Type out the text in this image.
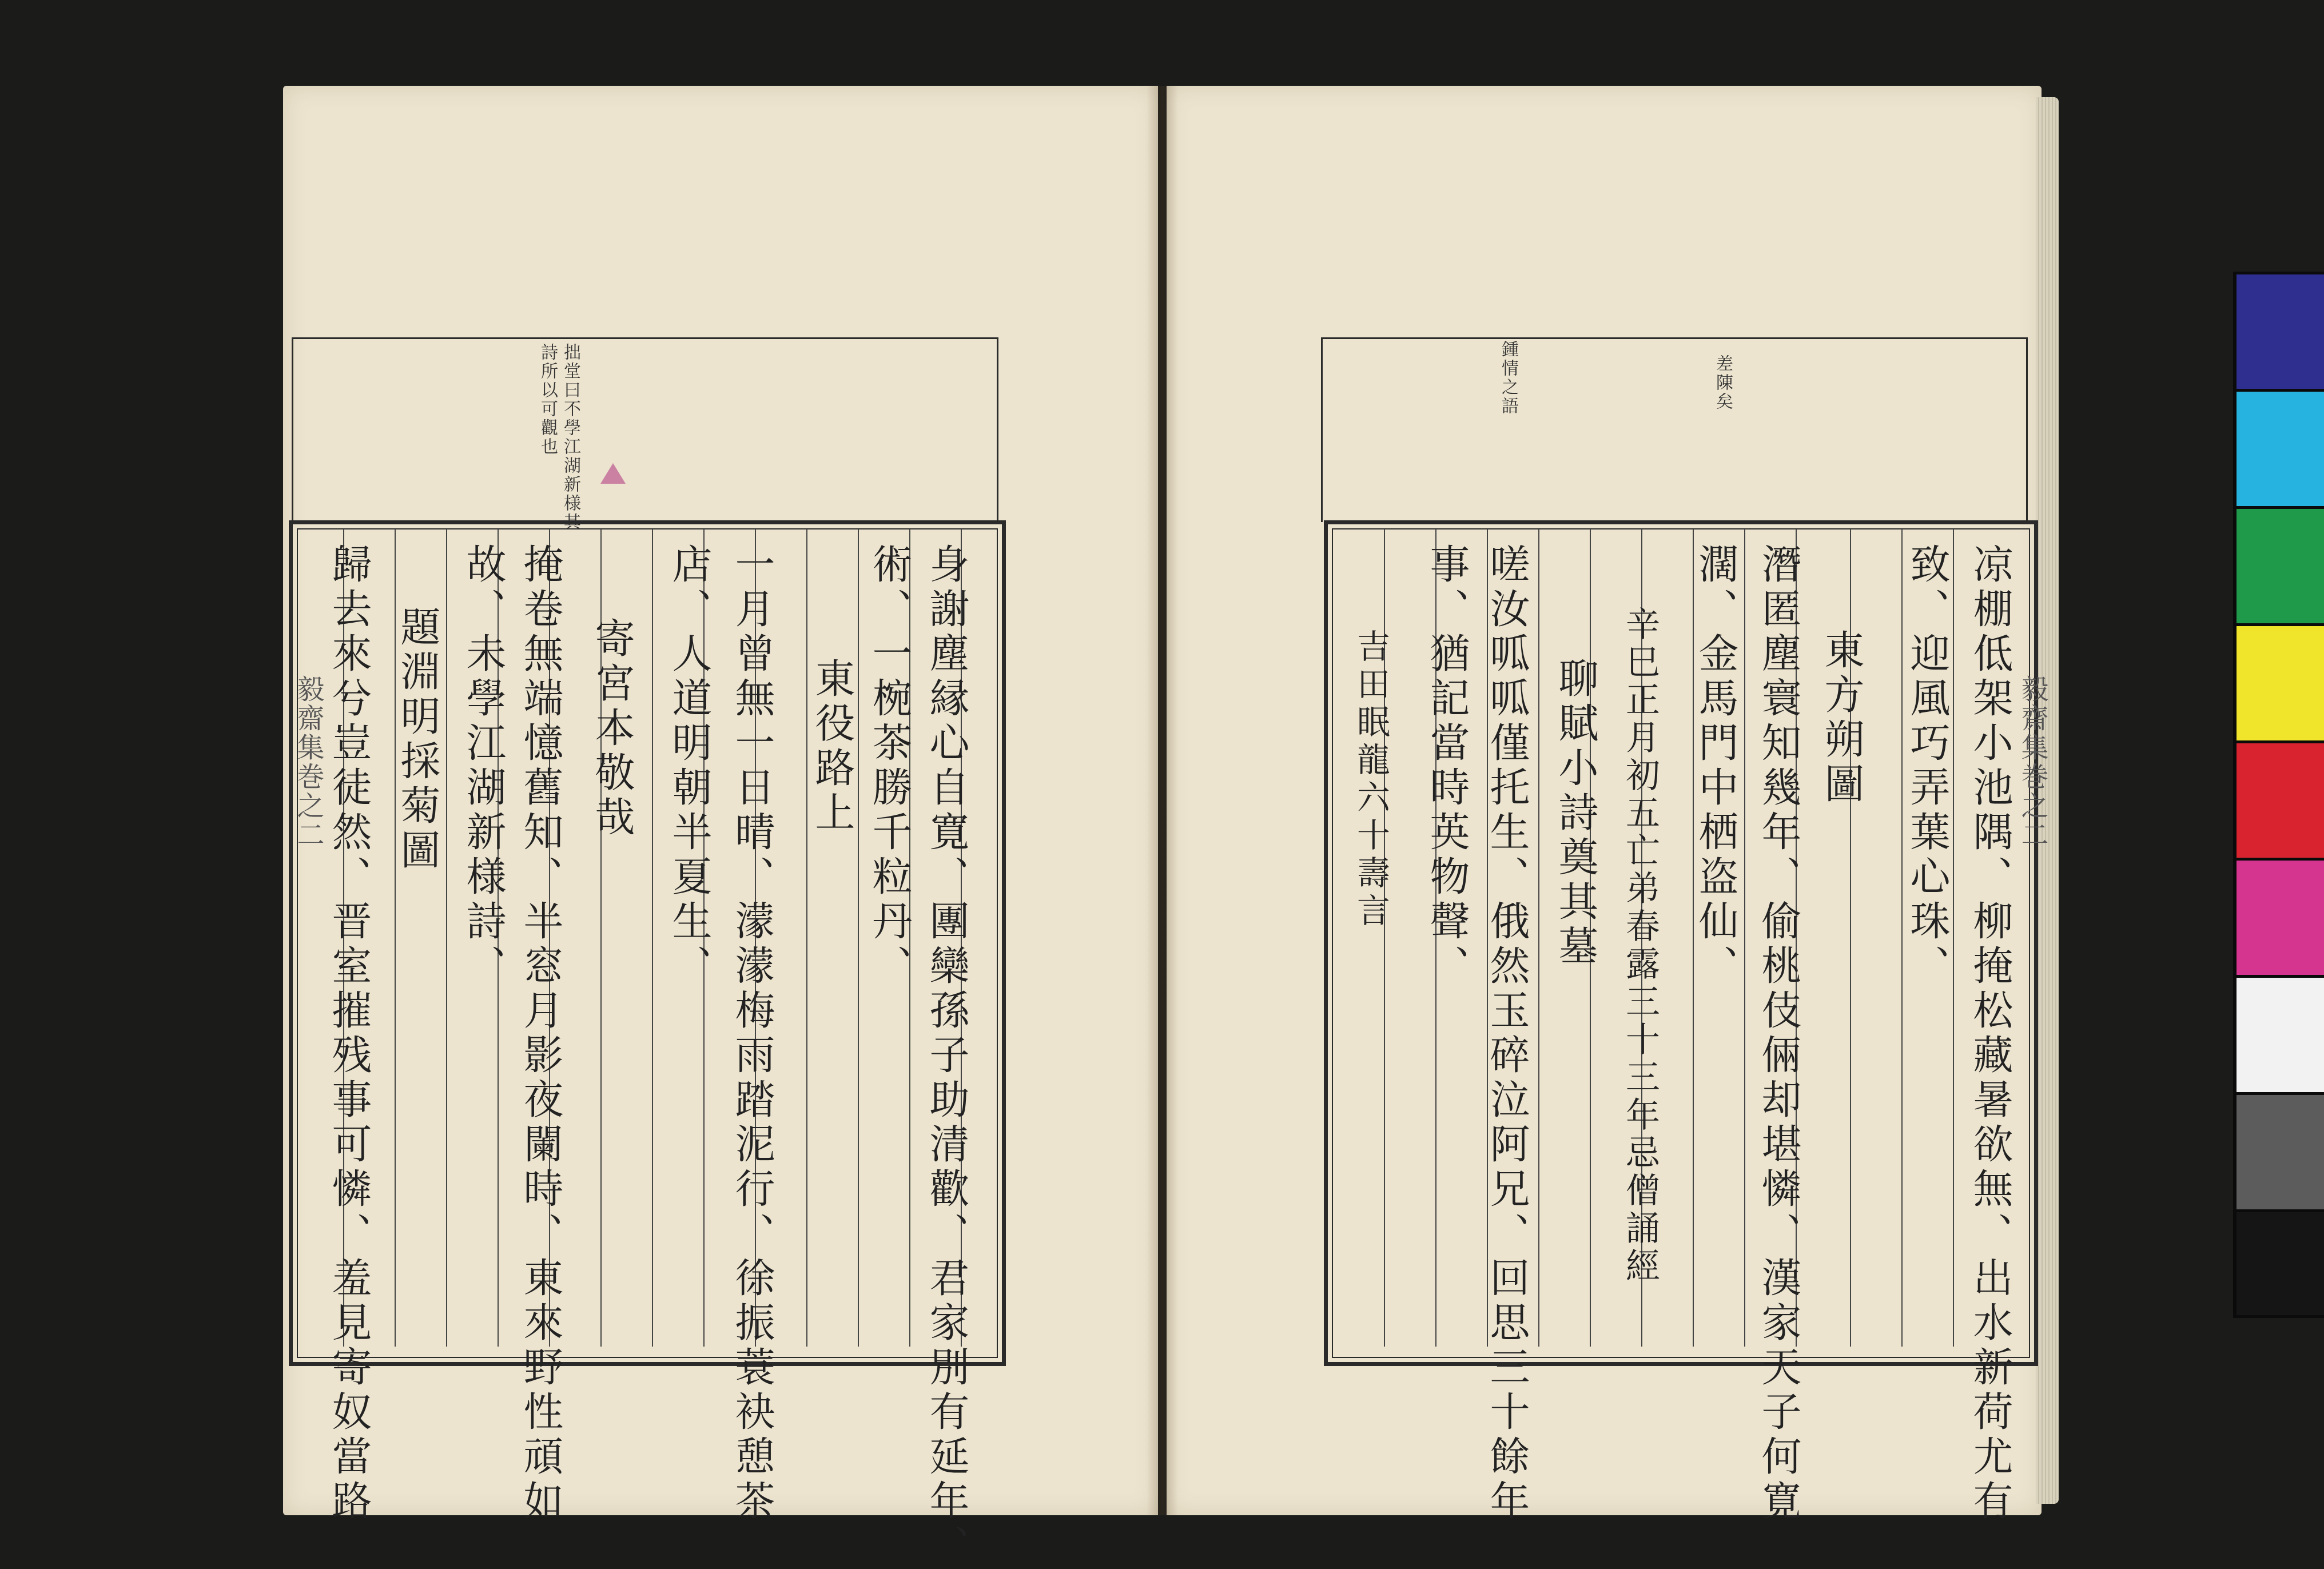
拙堂曰不學江湖新様其
詩所以可觀也
身謝塵縁心自寛、團欒孫子助清歡、君家別有延年、
術、一椀茶勝千粒丹、
東役路上
一月曾無一日晴、濛濛梅雨踏泥行、徐振蓑袂憩茶
店、人道明朝半夏生、
寄宮本敬哉
掩卷無端憶舊知、半窓月影夜闌時、東來野性頑如
故、未學江湖新様詩、
題淵明採菊圖
歸去來兮豈徒然、晋室摧残事可憐、羞見寄奴當路
差陳矣
鍾情之語
凉棚低架小池隅、柳掩松藏暑欲無、出水新荷尤有
致、迎風巧弄葉心珠、
東方朔圖
潛匿塵寰知幾年、偷桃伎倆却堪憐、漢家天子何寛
濶、金馬門中栖盗仙、
辛巳正月初五亡弟春露三十三年忌僧誦經
聊賦小詩奠其墓
嗟汝呱呱僅托生、俄然玉碎泣阿兄、回思三十餘年
事、猶記當時英物聲、
吉田眠龍六十壽言
毅齋集巻之二	毅齋集巻之二
